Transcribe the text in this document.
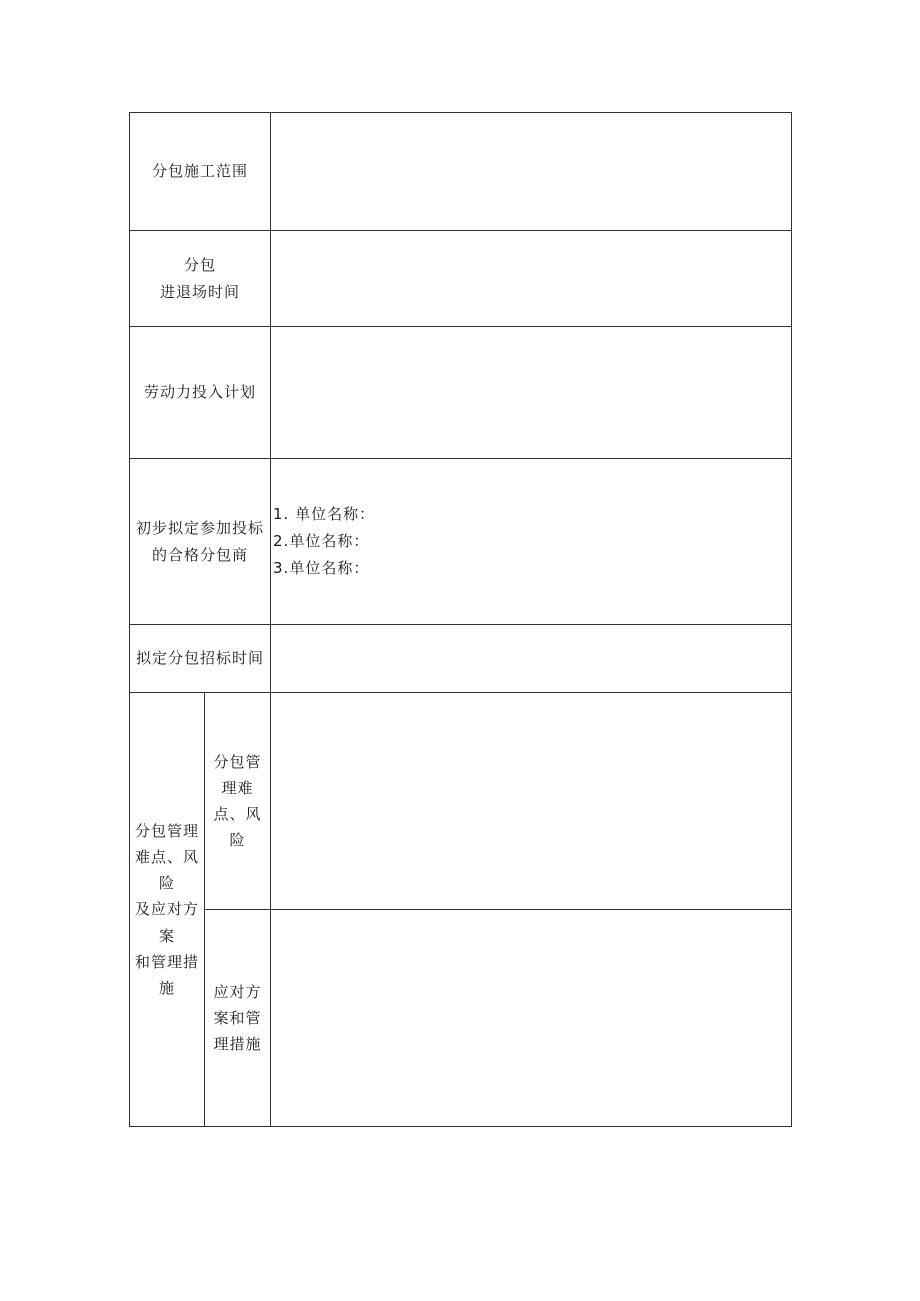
分包施工范围		

分包
进退场时间		

劳动力投入计划		

初步拟定参加投标
的合格分包商		1. 单位名称：
2.单位名称：
3.单位名称：

拟定分包招标时间		

分包管理难点、风险
及应对方案
和管理措施	分包管理难点、风险	

	应对方案和管理措施	
